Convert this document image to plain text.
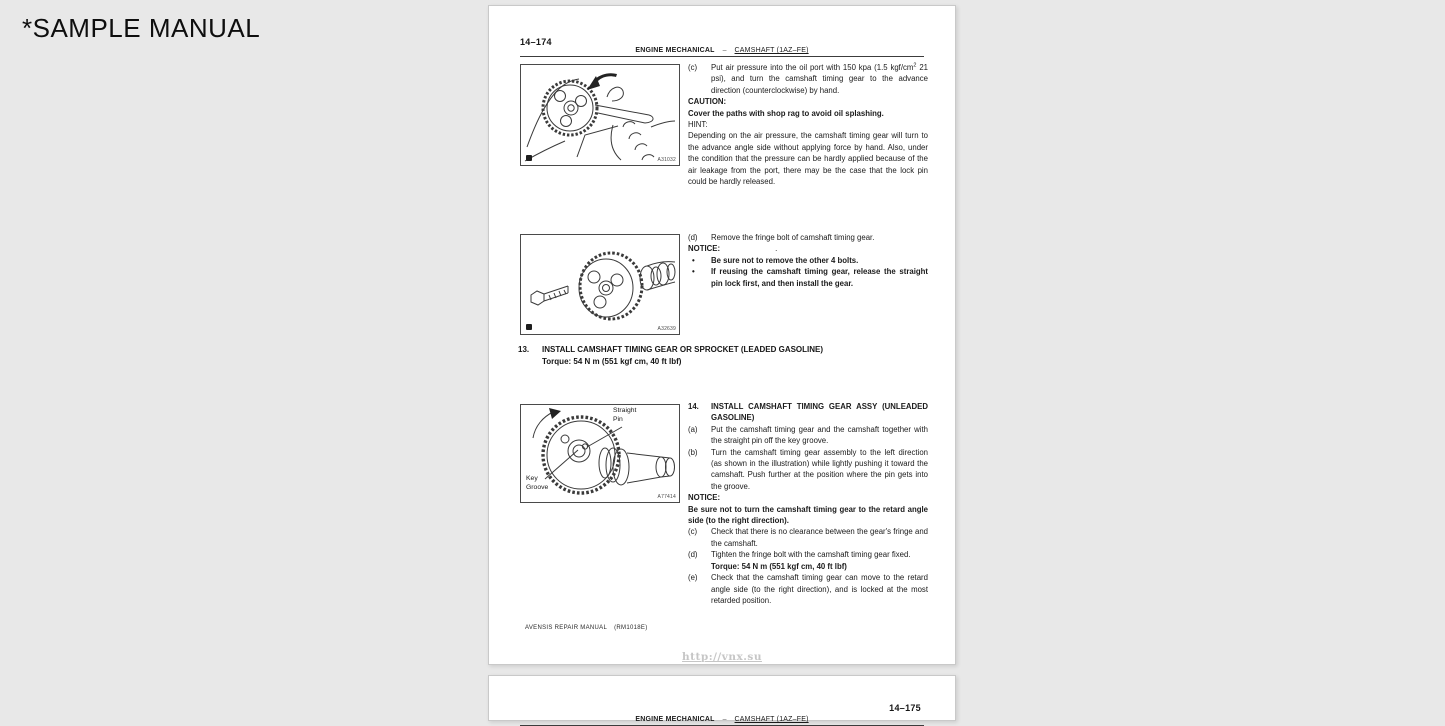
*SAMPLE MANUAL	14–174
ENGINE MECHANICAL – CAMSHAFT (1AZ–FE)
A31032
A32639
Straight
Pin
Key
Groove
A77414
(c)	Put air pressure into the oil port with 150 kpa (1.5 kgf/$cm^2$ 21 psi), and turn the camshaft timing gear to the advance direction (counterclockwise) by hand.
CAUTION:
Cover the paths with shop rag to avoid oil splashing.
HINT:
Depending on the air pressure, the camshaft timing gear will turn to the advance angle side without applying force by hand. Also, under the condition that the pressure can be hardly applied because of the air leakage from the port, there may be the case that the lock pin could be hardly released.
(d)	Remove the fringe bolt of camshaft timing gear.
NOTICE:	.
•	Be sure not to remove the other 4 bolts.
•	If reusing the camshaft timing gear, release the straight pin lock first, and then install the gear.
13.	INSTALL CAMSHAFT TIMING GEAR OR SPROCKET (LEADED GASOLINE)
Torque: 54 N m (551 kgf cm, 40 ft lbf)
14.	INSTALL CAMSHAFT TIMING GEAR ASSY (UNLEADED GASOLINE)
(a)	Put the camshaft timing gear and the camshaft together with the straight pin off the key groove.
(b)	Turn the camshaft timing gear assembly to the left direction (as shown in the illustration) while lightly pushing it toward the camshaft. Push further at the position where the pin gets into the groove.
NOTICE:
Be sure not to turn the camshaft timing gear to the retard angle side (to the right direction).
(c)	Check that there is no clearance between the gear's fringe and the camshaft.
(d)	Tighten the fringe bolt with the camshaft timing gear fixed.
Torque: 54 N m (551 kgf cm, 40 ft lbf)
(e)	Check that the camshaft timing gear can move to the retard angle side (to the right direction), and is locked at the most retarded position.
AVENSIS REPAIR MANUAL (RM1018E)
http://vnx.su
14–175
ENGINE MECHANICAL – CAMSHAFT (1AZ–FE)
